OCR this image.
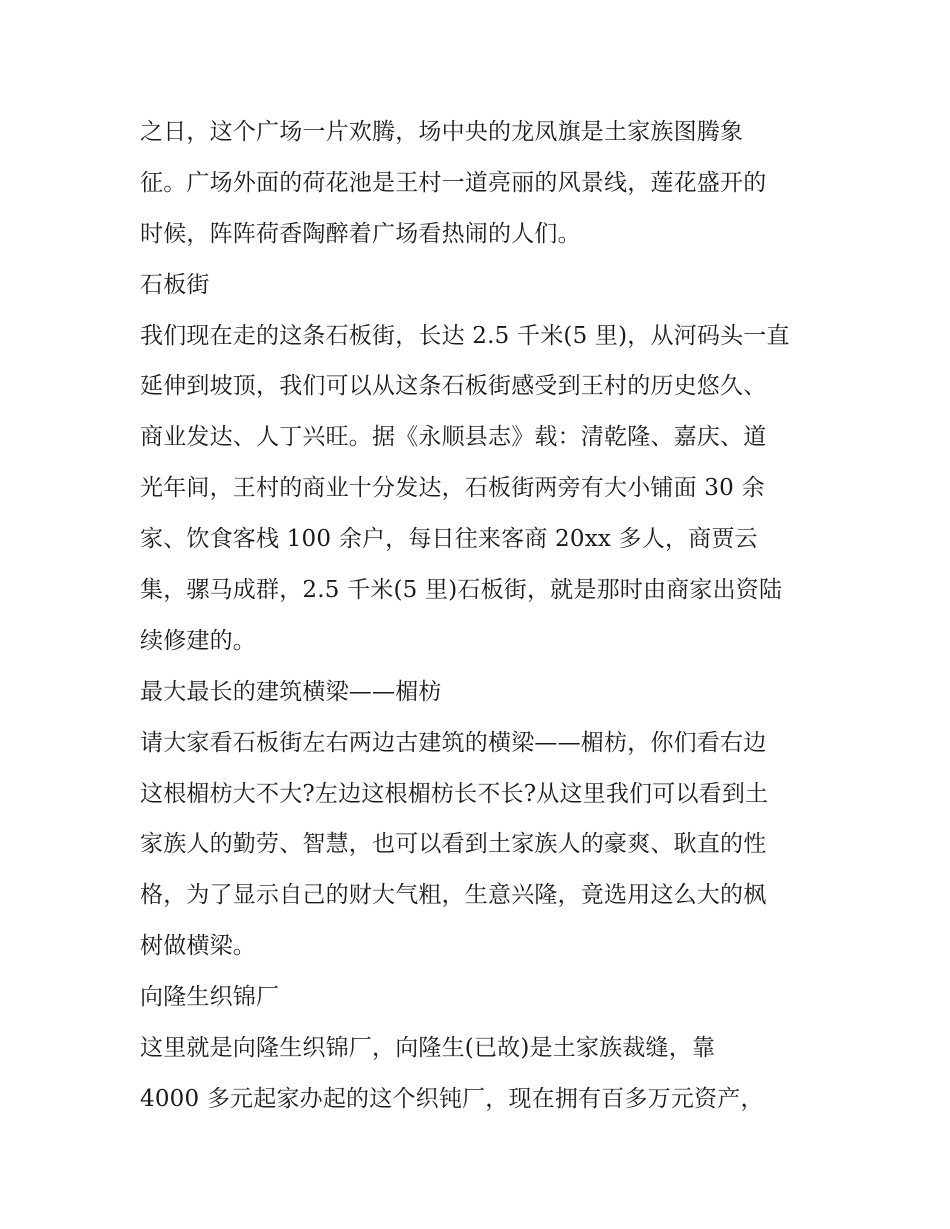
之日，这个广场一片欢腾，场中央的龙凤旗是土家族图腾象
征。广场外面的荷花池是王村一道亮丽的风景线，莲花盛开的
时候，阵阵荷香陶醉着广场看热闹的人们。
石板街
我们现在走的这条石板街，长达 2.5 千米(5 里)，从河码头一直
延伸到坡顶，我们可以从这条石板街感受到王村的历史悠久、
商业发达、人丁兴旺。据《永顺县志》载：清乾隆、嘉庆、道
光年间，王村的商业十分发达，石板街两旁有大小铺面 30 余
家、饮食客栈 100 余户，每日往来客商 20xx 多人，商贾云
集，骡马成群，2.5 千米(5 里)石板街，就是那时由商家出资陆
续修建的。
最大最长的建筑横梁——楣枋
请大家看石板街左右两边古建筑的横梁——楣枋，你们看右边
这根楣枋大不大?左边这根楣枋长不长?从这里我们可以看到土
家族人的勤劳、智慧，也可以看到土家族人的豪爽、耿直的性
格，为了显示自己的财大气粗，生意兴隆，竟选用这么大的枫
树做横梁。
向隆生织锦厂
这里就是向隆生织锦厂，向隆生(已故)是土家族裁缝，靠
4000 多元起家办起的这个织钝厂，现在拥有百多万元资产，
